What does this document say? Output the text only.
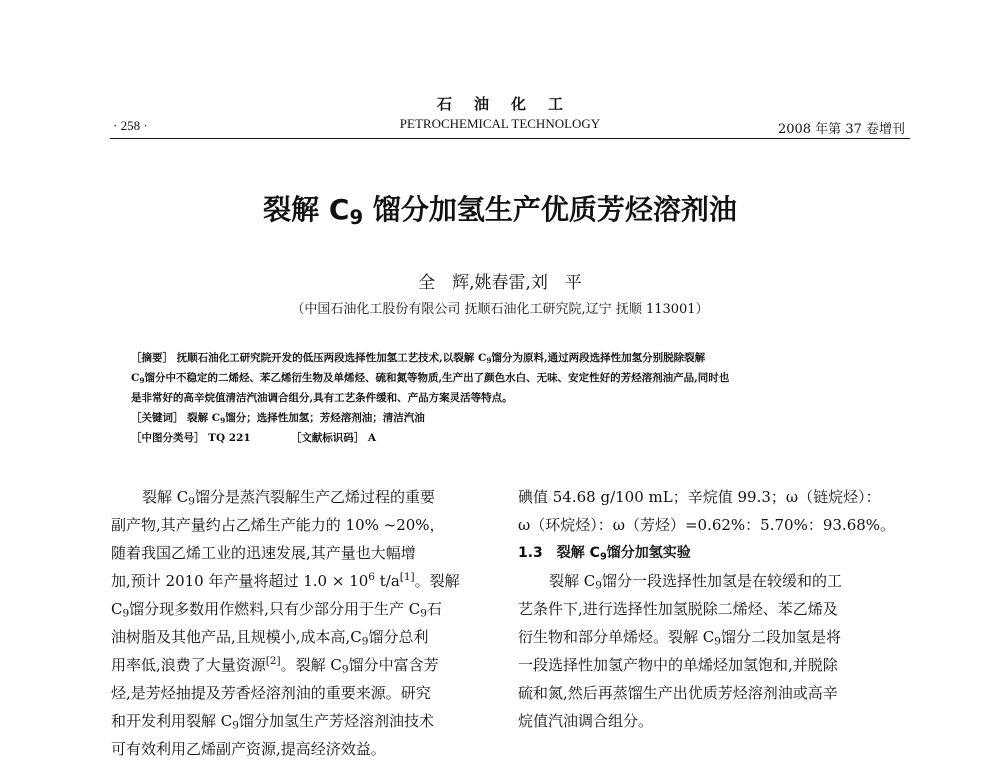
石油化工
PETROCHEMICAL TECHNOLOGY
· 258 ·	2008 年第 37 卷增刊
裂解 $C_9$ 馏分加氢生产优质芳烃溶剂油
全　辉,姚春雷,刘　平
（中国石油化工股份有限公司 抚顺石油化工研究院,辽宁 抚顺 113001）
［摘要］ 抚顺石油化工研究院开发的低压两段选择性加氢工艺技术,以裂解 $C_9$馏分为原料,通过两段选择性加氢分别脱除裂解
$C_9$馏分中不稳定的二烯烃、苯乙烯衍生物及单烯烃、硫和氮等物质,生产出了颜色水白、无味、安定性好的芳烃溶剂油产品,同时也
是非常好的高辛烷值清洁汽油调合组分,具有工艺条件缓和、产品方案灵活等特点。
［关键词］ 裂解 $C_9$馏分；选择性加氢；芳烃溶剂油；清洁汽油
［中图分类号］ TQ 221	［文献标识码］ A
裂解 $C_9$馏分是蒸汽裂解生产乙烯过程的重要
副产物,其产量约占乙烯生产能力的 10% ~20%，
随着我国乙烯工业的迅速发展,其产量也大幅增
加,预计 2010 年产量将超过 $1.0 \times 10^6$ t/a[1]。裂解
$C_9$馏分现多数用作燃料,只有少部分用于生产 $C_9$石
油树脂及其他产品,且规模小,成本高$,C_9$馏分总利
用率低,浪费了大量资源[2]。裂解 $C_9$馏分中富含芳
烃,是芳烃抽提及芳香烃溶剂油的重要来源。研究
和开发利用裂解 $C_9$馏分加氢生产芳烃溶剂油技术
可有效利用乙烯副产资源,提高经济效益。
碘值 54.68 g/100 mL；辛烷值 99.3；ω（链烷烃）：
ω（环烷烃）：ω（芳烃）=0.62%：5.70%：93.68%。
1.3　裂解 $C_9$馏分加氢实验
裂解 $C_9$馏分一段选择性加氢是在较缓和的工
艺条件下,进行选择性加氢脱除二烯烃、苯乙烯及
衍生物和部分单烯烃。裂解 $C_9$馏分二段加氢是将
一段选择性加氢产物中的单烯烃加氢饱和,并脱除
硫和氮,然后再蒸馏生产出优质芳烃溶剂油或高辛
烷值汽油调合组分。
